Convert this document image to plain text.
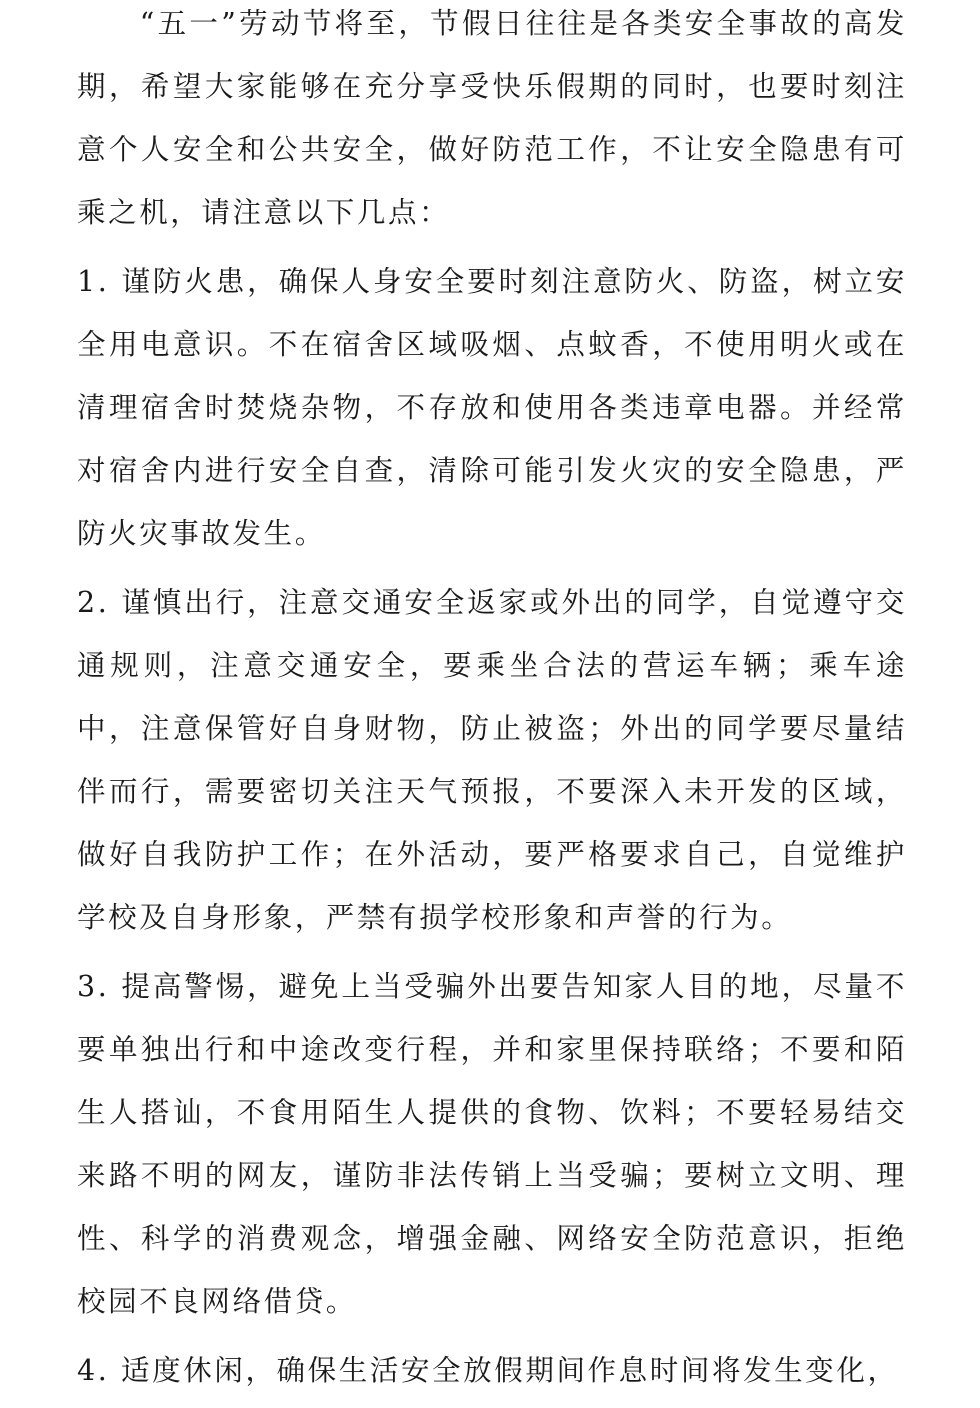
“五一”劳动节将至，节假日往往是各类安全事故的高发期，希望大家能够在充分享受快乐假期的同时，也要时刻注意个人安全和公共安全，做好防范工作，不让安全隐患有可乘之机，请注意以下几点：

1. 谨防火患，确保人身安全要时刻注意防火、防盗，树立安全用电意识。不在宿舍区域吸烟、点蚊香，不使用明火或在清理宿舍时焚烧杂物，不存放和使用各类违章电器。并经常对宿舍内进行安全自查，清除可能引发火灾的安全隐患，严防火灾事故发生。

2. 谨慎出行，注意交通安全返家或外出的同学，自觉遵守交通规则，注意交通安全，要乘坐合法的营运车辆；乘车途中，注意保管好自身财物，防止被盗；外出的同学要尽量结伴而行，需要密切关注天气预报，不要深入未开发的区域，做好自我防护工作；在外活动，要严格要求自己，自觉维护学校及自身形象，严禁有损学校形象和声誉的行为。

3. 提高警惕，避免上当受骗外出要告知家人目的地，尽量不要单独出行和中途改变行程，并和家里保持联络；不要和陌生人搭讪，不食用陌生人提供的食物、饮料；不要轻易结交来路不明的网友，谨防非法传销上当受骗；要树立文明、理性、科学的消费观念，增强金融、网络安全防范意识，拒绝校园不良网络借贷。

4. 适度休闲，确保生活安全放假期间作息时间将发生变化，
